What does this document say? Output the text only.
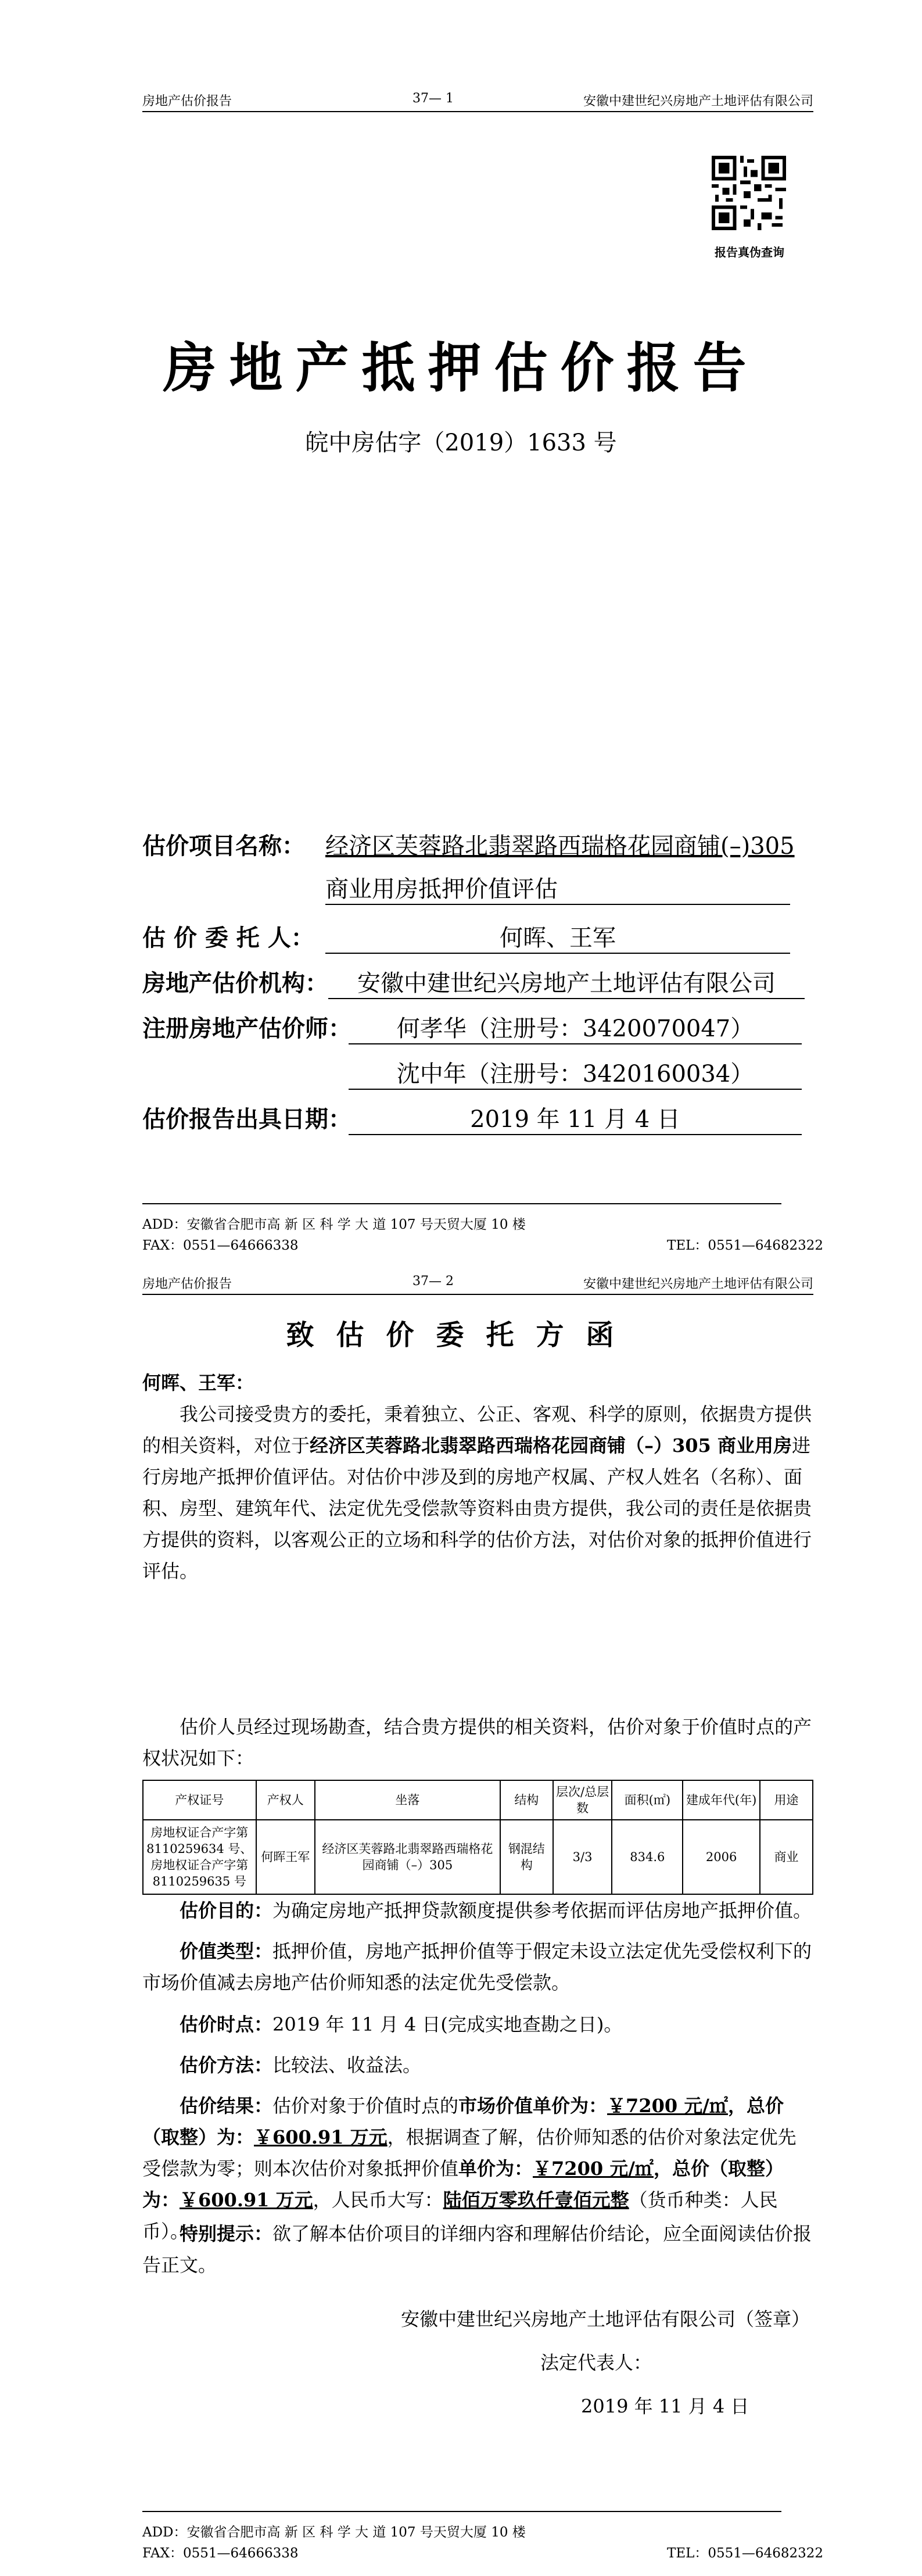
房地产估价报告	37— 1	安徽中建世纪兴房地产土地评估有限公司
报告真伪查询
房地产抵押估价报告
皖中房估字（2019）1633 号
估价项目名称： 经济区芙蓉路北翡翠路西瑞格花园商铺(–)305
商业用房抵押价值评估
估 价 委 托 人：	何晖、王军
房地产估价机构：	安徽中建世纪兴房地产土地评估有限公司
注册房地产估价师：	何孝华（注册号：3420070047）
沈中年（注册号：3420160034）
估价报告出具日期：	2019 年 11 月 4 日
ADD：安徽省合肥市高 新 区 科 学 大 道 107 号天贸大厦 10 楼
FAX：0551—64666338	TEL：0551—64682322
房地产估价报告	37— 2	安徽中建世纪兴房地产土地评估有限公司
致估价委托方函
何晖、王军：
我公司接受贵方的委托，秉着独立、公正、客观、科学的原则，依据贵方提供的相关资料，对位于经济区芙蓉路北翡翠路西瑞格花园商铺（–）305 商业用房进行房地产抵押价值评估。对估价中涉及到的房地产权属、产权人姓名（名称）、面积、房型、建筑年代、法定优先受偿款等资料由贵方提供，我公司的责任是依据贵方提供的资料，以客观公正的立场和科学的估价方法，对估价对象的抵押价值进行评估。
估价人员经过现场勘查，结合贵方提供的相关资料，估价对象于价值时点的产权状况如下：
产权证号	产权人	坐落	结构	层次/总层数	面积(㎡)	建成年代(年)	用途
房地权证合产字第 8110259634 号、房地权证合产字第 8110259635 号	何晖王军	经济区芙蓉路北翡翠路西瑞格花园商铺（–）305	钢混结构	3/3	834.6	2006	商业
估价目的：为确定房地产抵押贷款额度提供参考依据而评估房地产抵押价值。
价值类型：抵押价值，房地产抵押价值等于假定未设立法定优先受偿权利下的市场价值减去房地产估价师知悉的法定优先受偿款。
估价时点：2019 年 11 月 4 日(完成实地查勘之日)。
估价方法：比较法、收益法。
估价结果：估价对象于价值时点的市场价值单价为：￥7200 元/㎡，总价（取整）为：￥600.91 万元，根据调查了解，估价师知悉的估价对象法定优先受偿款为零；则本次估价对象抵押价值单价为：￥7200 元/㎡，总价（取整）为：￥600.91 万元，人民币大写：陆佰万零玖仟壹佰元整（货币种类：人民币）。
特别提示：欲了解本估价项目的详细内容和理解估价结论，应全面阅读估价报告正文。
安徽中建世纪兴房地产土地评估有限公司（签章）
法定代表人：
2019 年 11 月 4 日
ADD：安徽省合肥市高 新 区 科 学 大 道 107 号天贸大厦 10 楼
FAX：0551—64666338	TEL：0551—64682322
